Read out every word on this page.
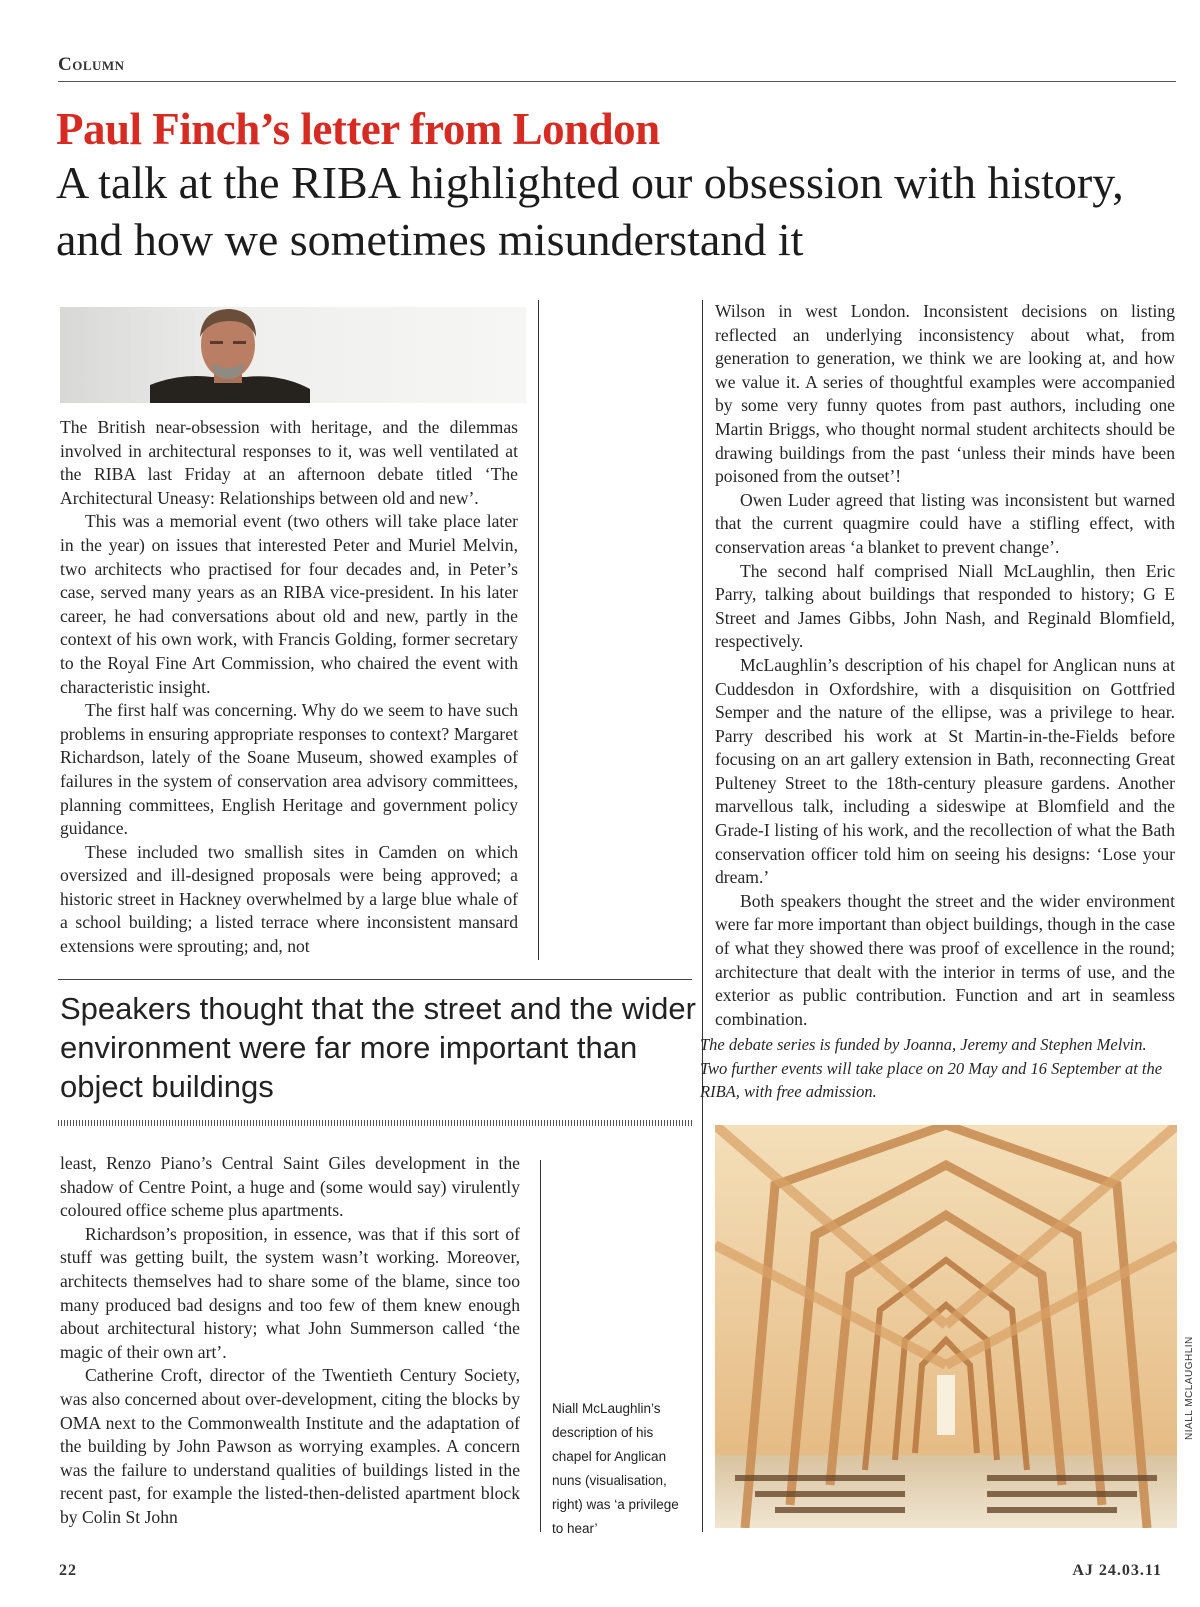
Column
Paul Finch’s letter from London
A talk at the RIBA highlighted our obsession with history, and how we sometimes misunderstand it

The British near-obsession with heritage, and the dilemmas involved in architectural responses to it, was well ventilated at the RIBA last Friday at an afternoon debate titled ‘The Architectural Uneasy: Relationships between old and new’.

This was a memorial event (two others will take place later in the year) on issues that interested Peter and Muriel Melvin, two architects who practised for four decades and, in Peter’s case, served many years as an RIBA vice-president. In his later career, he had conversations about old and new, partly in the context of his own work, with Francis Golding, former secretary to the Royal Fine Art Commission, who chaired the event with characteristic insight.

The first half was concerning. Why do we seem to have such problems in ensuring appropriate responses to context? Margaret Richardson, lately of the Soane Museum, showed examples of failures in the system of conservation area advisory committees, planning committees, English Heritage and government policy guidance.

These included two smallish sites in Camden on which oversized and ill-designed proposals were being approved; a historic street in Hackney overwhelmed by a large blue whale of a school building; a listed terrace where inconsistent mansard extensions were sprouting; and, not

Speakers thought that the street and the wider environment were far more important than object buildings

least, Renzo Piano’s Central Saint Giles development in the shadow of Centre Point, a huge and (some would say) virulently coloured office scheme plus apartments.

Richardson’s proposition, in essence, was that if this sort of stuff was getting built, the system wasn’t working. Moreover, architects themselves had to share some of the blame, since too many produced bad designs and too few of them knew enough about architectural history; what John Summerson called ‘the magic of their own art’.

Catherine Croft, director of the Twentieth Century Society, was also concerned about over-development, citing the blocks by OMA next to the Commonwealth Institute and the adaptation of the building by John Pawson as worrying examples. A concern was the failure to understand qualities of buildings listed in the recent past, for example the listed-then-delisted apartment block by Colin St John

Niall McLaughlin’s description of his chapel for Anglican nuns (visualisation, right) was ‘a privilege to hear’

Wilson in west London. Inconsistent decisions on listing reflected an underlying inconsistency about what, from generation to generation, we think we are looking at, and how we value it. A series of thoughtful examples were accompanied by some very funny quotes from past authors, including one Martin Briggs, who thought normal student architects should be drawing buildings from the past ‘unless their minds have been poisoned from the outset’!

Owen Luder agreed that listing was inconsistent but warned that the current quagmire could have a stifling effect, with conservation areas ‘a blanket to prevent change’.

The second half comprised Niall McLaughlin, then Eric Parry, talking about buildings that responded to history; G E Street and James Gibbs, John Nash, and Reginald Blomfield, respectively.

McLaughlin’s description of his chapel for Anglican nuns at Cuddesdon in Oxfordshire, with a disquisition on Gottfried Semper and the nature of the ellipse, was a privilege to hear. Parry described his work at St Martin-in-the-Fields before focusing on an art gallery extension in Bath, reconnecting Great Pulteney Street to the 18th-century pleasure gardens. Another marvellous talk, including a sideswipe at Blomfield and the Grade-I listing of his work, and the recollection of what the Bath conservation officer told him on seeing his designs: ‘Lose your dream.’

Both speakers thought the street and the wider environment were far more important than object buildings, though in the case of what they showed there was proof of excellence in the round; architecture that dealt with the interior in terms of use, and the exterior as public contribution. Function and art in seamless combination.

The debate series is funded by Joanna, Jeremy and Stephen Melvin. Two further events will take place on 20 May and 16 September at the RIBA, with free admission.

NIALL MCLAUGHLIN
22	AJ 24.03.11
